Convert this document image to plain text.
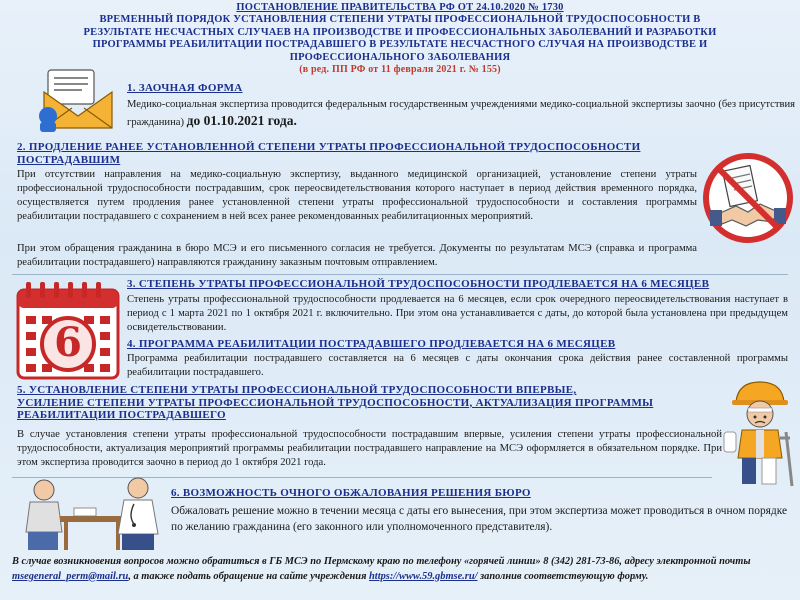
ПОСТАНОВЛЕНИЕ ПРАВИТЕЛЬСТВА РФ ОТ 24.10.2020 № 1730
ВРЕМЕННЫЙ ПОРЯДОК УСТАНОВЛЕНИЯ СТЕПЕНИ УТРАТЫ ПРОФЕССИОНАЛЬНОЙ ТРУДОСПОСОБНОСТИ В
РЕЗУЛЬТАТЕ НЕСЧАСТНЫХ СЛУЧАЕВ НА ПРОИЗВОДСТВЕ И ПРОФЕССИОНАЛЬНЫХ ЗАБОЛЕВАНИЙ И РАЗРАБОТКИ
ПРОГРАММЫ РЕАБИЛИТАЦИИ ПОСТРАДАВШЕГО В РЕЗУЛЬТАТЕ НЕСЧАСТНОГО СЛУЧАЯ НА ПРОИЗВОДСТВЕ И
ПРОФЕССИОНАЛЬНОГО ЗАБОЛЕВАНИЯ
(в ред. ПП РФ от 11 февраля 2021 г. № 155)
1. ЗАОЧНАЯ ФОРМА
Медико-социальная экспертиза проводится федеральным государственным учреждениями медико-социальной экспертизы заочно (без присутствия гражданина) до 01.10.2021 года.
2. ПРОДЛЕНИЕ РАНЕЕ УСТАНОВЛЕННОЙ СТЕПЕНИ УТРАТЫ ПРОФЕССИОНАЛЬНОЙ ТРУДОСПОСОБНОСТИ ПОСТРАДАВШИМ
При отсутствии направления на медико-социальную экспертизу, выданного медицинской организацией, установление степени утраты профессиональной трудоспособности пострадавшим, срок переосвидетельствования которого наступает в период действия временного порядка, осуществляется путем продления ранее установленной степени утраты профессиональной трудоспособности и составления программы реабилитации пострадавшего с сохранением в ней всех ранее рекомендованных реабилитационных мероприятий.
При этом обращения гражданина в бюро МСЭ и его письменного согласия не требуется. Документы по результатам МСЭ (справка и программа реабилитации пострадавшего) направляются гражданину заказным почтовым отправлением.
6
3. СТЕПЕНЬ УТРАТЫ ПРОФЕССИОНАЛЬНОЙ ТРУДОСПОСОБНОСТИ ПРОДЛЕВАЕТСЯ НА 6 МЕСЯЦЕВ
Степень утраты профессиональной трудоспособности продлевается на 6 месяцев, если срок очередного переосвидетельствования наступает в период с 1 марта 2021 по 1 октября 2021 г. включительно. При этом она устанавливается с даты, до которой была установлена при предыдущем освидетельствовании.
4. ПРОГРАММА РЕАБИЛИТАЦИИ ПОСТРАДАВШЕГО ПРОДЛЕВАЕТСЯ НА 6 МЕСЯЦЕВ
Программа реабилитации пострадавшего составляется на 6 месяцев с даты окончания срока действия ранее составленной программы реабилитации пострадавшего.
5. УСТАНОВЛЕНИЕ СТЕПЕНИ УТРАТЫ ПРОФЕССИОНАЛЬНОЙ ТРУДОСПОСОБНОСТИ ВПЕРВЫЕ,
УСИЛЕНИЕ СТЕПЕНИ УТРАТЫ ПРОФЕССИОНАЛЬНОЙ ТРУДОСПОСОБНОСТИ, АКТУАЛИЗАЦИЯ ПРОГРАММЫ
РЕАБИЛИТАЦИИ ПОСТРАДАВШЕГО
В случае установления степени утраты профессиональной трудоспособности пострадавшим впервые, усиления степени утраты профессиональной трудоспособности, актуализация мероприятий программы реабилитации пострадавшего направление на МСЭ оформляется в обязательном порядке. При этом экспертиза проводится заочно в период до 1 октября 2021 года.
6. ВОЗМОЖНОСТЬ ОЧНОГО ОБЖАЛОВАНИЯ РЕШЕНИЯ БЮРО
Обжаловать решение можно в течении месяца с даты его вынесения, при этом экспертиза может проводиться в очном порядке по желанию гражданина (его законного или уполномоченного представителя).
В случае возникновения вопросов можно обратиться в ГБ МСЭ по Пермскому краю по телефону «горячей линии» 8 (342) 281-73-86, адресу электронной почты msegeneral_perm@mail.ru, а также подать обращение на сайте учреждения https://www.59.gbmse.ru/ заполнив соответствующую форму.
